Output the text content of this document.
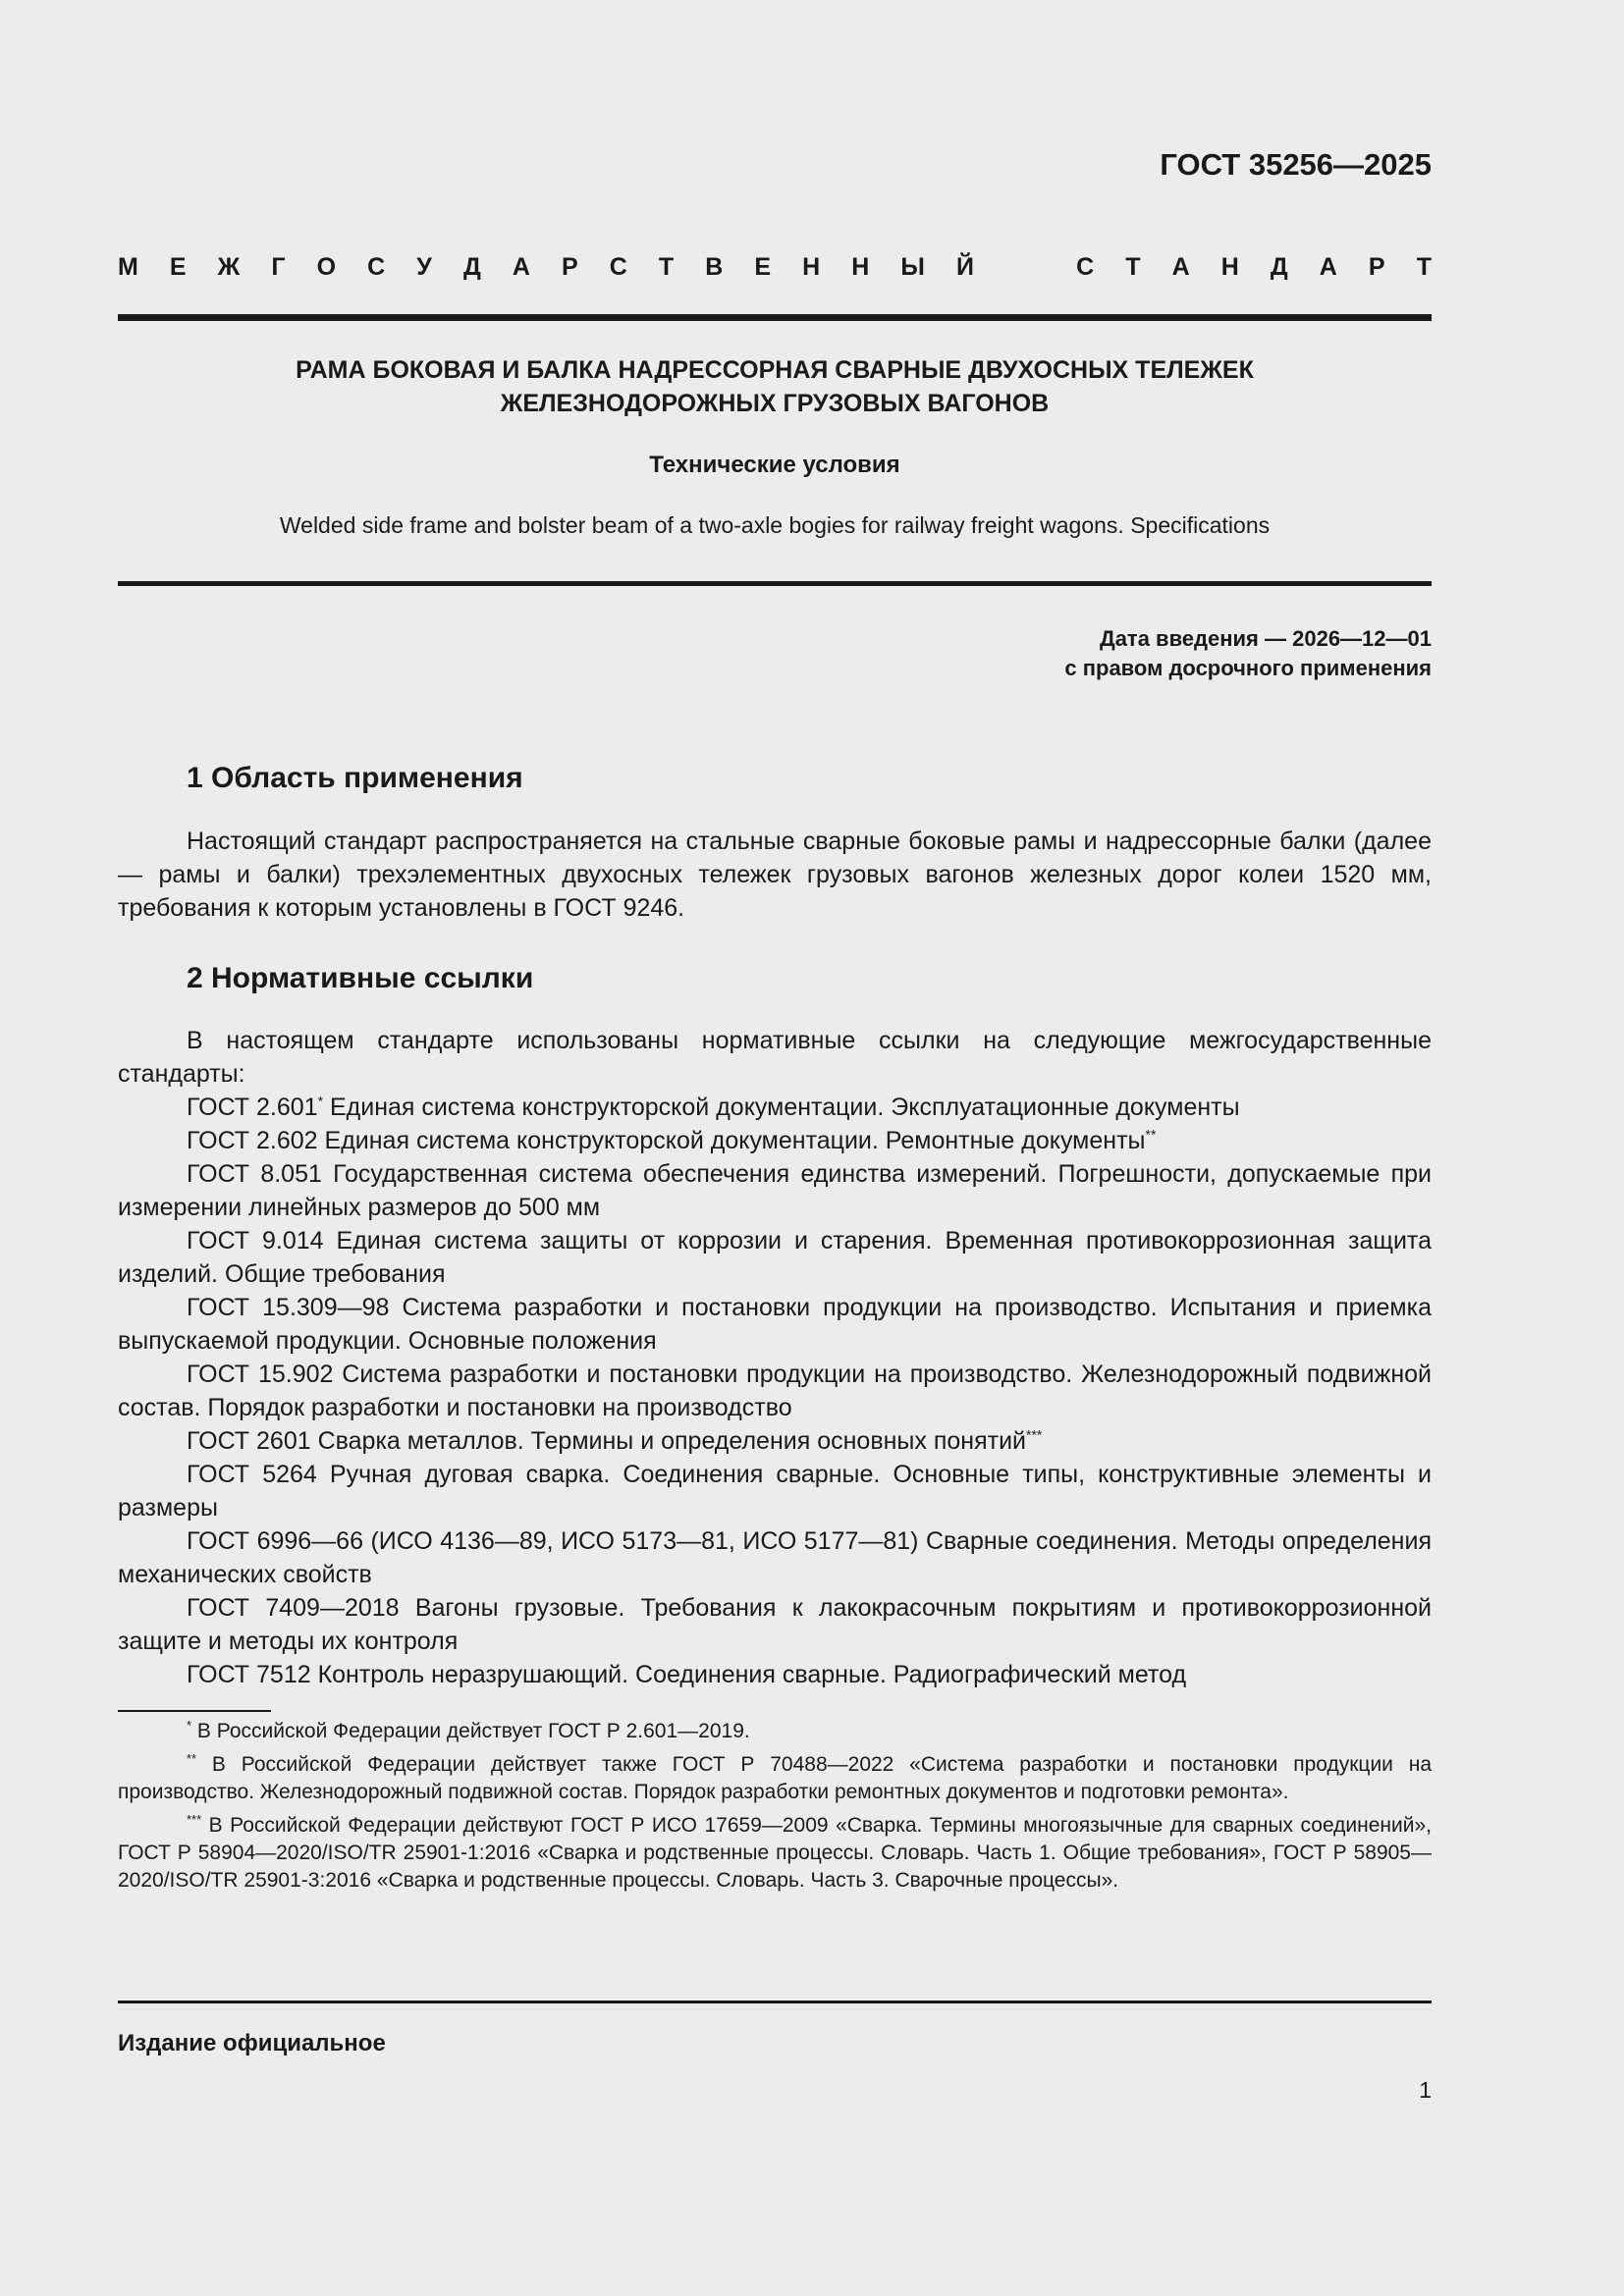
ГОСТ 35256—2025
М Е Ж Г О С У Д А Р С Т В Е Н Н Ы Й	С Т А Н Д А Р Т
РАМА БОКОВАЯ И БАЛКА НАДРЕССОРНАЯ СВАРНЫЕ ДВУХОСНЫХ ТЕЛЕЖЕК
ЖЕЛЕЗНОДОРОЖНЫХ ГРУЗОВЫХ ВАГОНОВ
Технические условия
Welded side frame and bolster beam of a two-axle bogies for railway freight wagons. Specifications
Дата введения — 2026—12—01
с правом досрочного применения
1 Область применения

Настоящий стандарт распространяется на стальные сварные боковые рамы и надрессорные балки (далее — рамы и балки) трехэлементных двухосных тележек грузовых вагонов железных дорог колеи 1520 мм, требования к которым установлены в ГОСТ 9246.

2 Нормативные ссылки

В настоящем стандарте использованы нормативные ссылки на следующие межгосударственные стандарты:

ГОСТ 2.601* Единая система конструкторской документации. Эксплуатационные документы

ГОСТ 2.602 Единая система конструкторской документации. Ремонтные документы**

ГОСТ 8.051 Государственная система обеспечения единства измерений. Погрешности, допускаемые при измерении линейных размеров до 500 мм

ГОСТ 9.014 Единая система защиты от коррозии и старения. Временная противокоррозионная защита изделий. Общие требования

ГОСТ 15.309—98 Система разработки и постановки продукции на производство. Испытания и приемка выпускаемой продукции. Основные положения

ГОСТ 15.902 Система разработки и постановки продукции на производство. Железнодорожный подвижной состав. Порядок разработки и постановки на производство

ГОСТ 2601 Сварка металлов. Термины и определения основных понятий***

ГОСТ 5264 Ручная дуговая сварка. Соединения сварные. Основные типы, конструктивные элементы и размеры

ГОСТ 6996—66 (ИСО 4136—89, ИСО 5173—81, ИСО 5177—81) Сварные соединения. Методы определения механических свойств

ГОСТ 7409—2018 Вагоны грузовые. Требования к лакокрасочным покрытиям и противокоррозионной защите и методы их контроля

ГОСТ 7512 Контроль неразрушающий. Соединения сварные. Радиографический метод

* В Российской Федерации действует ГОСТ Р 2.601—2019.

** В Российской Федерации действует также ГОСТ Р 70488—2022 «Система разработки и постановки продукции на производство. Железнодорожный подвижной состав. Порядок разработки ремонтных документов и подготовки ремонта».

*** В Российской Федерации действуют ГОСТ Р ИСО 17659—2009 «Сварка. Термины многоязычные для сварных соединений», ГОСТ Р 58904—2020/ISO/TR 25901-1:2016 «Сварка и родственные процессы. Словарь. Часть 1. Общие требования», ГОСТ Р 58905—2020/ISO/TR 25901-3:2016 «Сварка и родственные процессы. Словарь. Часть 3. Сварочные процессы».

Издание официальное
1
